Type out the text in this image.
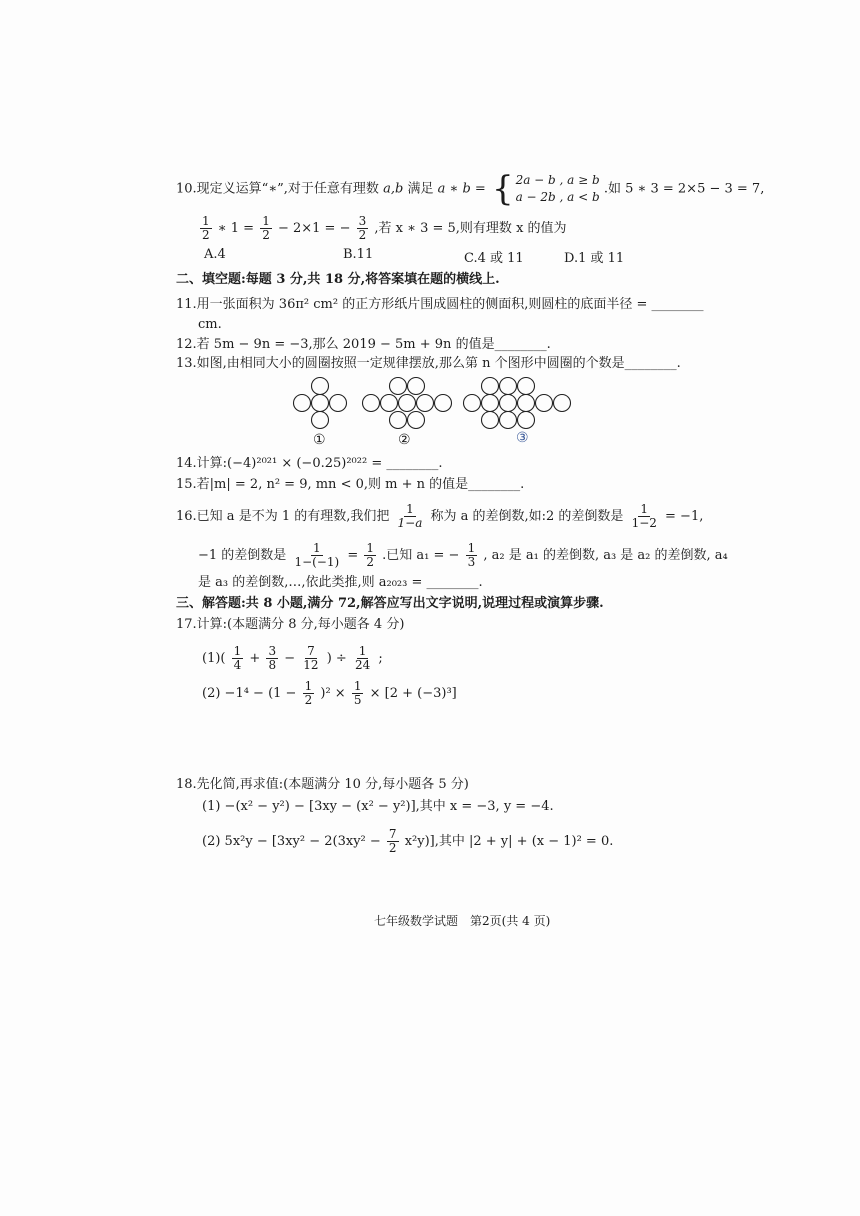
10.现定义运算“∗”,对于任意有理数 a,b 满足 a ∗ b = { 2a − b , a ≥ b
a − 2b , a < b
.如 5 ∗ 3 = 2×5 − 3 = 7,
$\frac{1}{2}$ ∗ $1 = \frac{1}{2} - 2\times 1$ = − $\frac{3}{2}$ ,若 x ∗ 3 = 5,则有理数 x 的值为
A.4	B.11	C.4 或 11	D.1 或 11
二、填空题:每题 3 分,共 18 分,将答案填在题的横线上.
11.用一张面积为 36π² cm² 的正方形纸片围成圆柱的侧面积,则圆柱的底面半径 = ________
cm.
12.若 5m − 9n = −3,那么 2019 − 5m + 9n 的值是________.
13.如图,由相同大小的圆圈按照一定规律摆放,那么第 n 个图形中圆圈的个数是________.
①	②	③
14.计算:(−4)²⁰²¹ × (−0.25)²⁰²² = ________.
15.若|m| = 2, n² = 9, mn < 0,则 m + n 的值是________.
16.已知 a 是不为 1 的有理数,我们把 $\frac{1}{1-a}$ 称为 a 的差倒数,如:2 的差倒数是 $\frac{1}{1-2} = -1$,
−1 的差倒数是 $\frac{1}{1-(-1)} = \frac{1}{2}$ .已知 a₁ = − $\frac{1}{3}$ , a₂ 是 a₁ 的差倒数, a₃ 是 a₂ 的差倒数, a₄
是 a₃ 的差倒数,…,依此类推,则 a₂₀₂₃ = ________.
三、解答题:共 8 小题,满分 72,解答应写出文字说明,说理过程或演算步骤.
17.计算:(本题满分 8 分,每小题各 4 分)
$(1)( \frac{1}{4} + \frac{3}{8} - \frac{7}{12}$ ) ÷ $\frac{1}{24}$ ;
$(2) -1^4 - (1 - \frac{1}{2} )^2 \times \frac{1}{5} \times [2 + (-3)^3]$
18.先化简,再求值:(本题满分 10 分,每小题各 5 分)
(1) −(x² − y²) − [3xy − (x² − y²)],其中 x = −3, y = −4.
(2) $5x^2y - [3xy^2 - 2(3xy^2 - \frac{7}{2} x^2y)]$,其中 |2 + y| + (x − 1)² = 0.
七年级数学试题　第2页(共 4 页)
